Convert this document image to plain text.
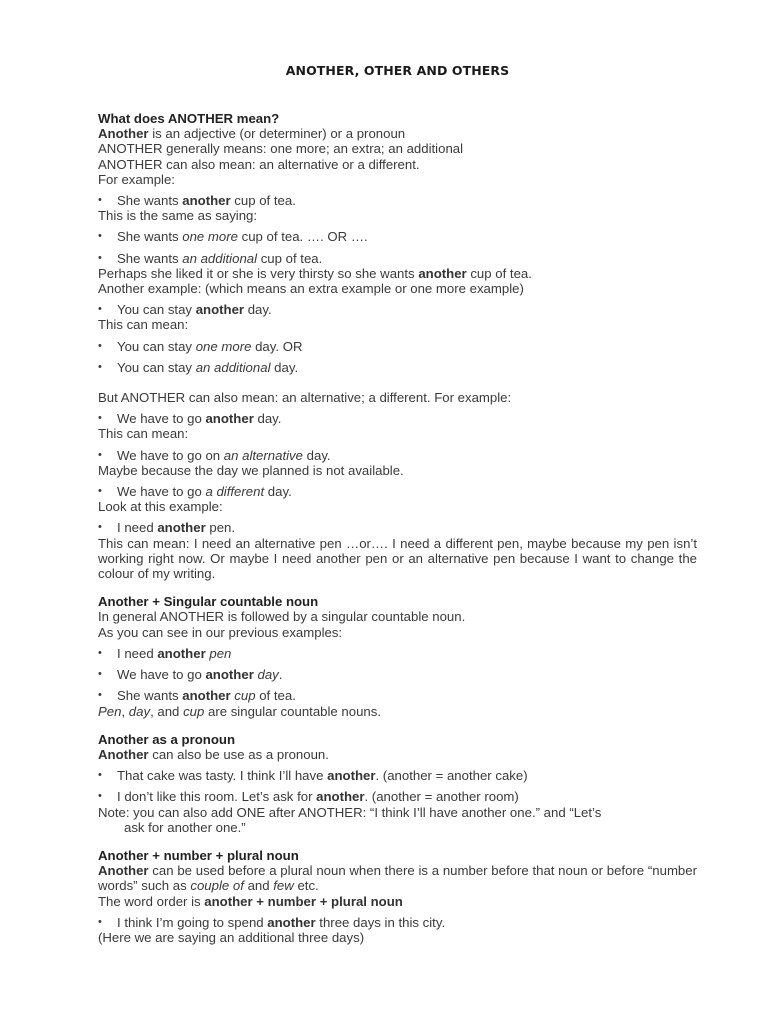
ANOTHER, OTHER AND OTHERS

What does ANOTHER mean?

Another is an adjective (or determiner) or a pronoun

ANOTHER generally means: one more; an extra; an additional

ANOTHER can also mean: an alternative or a different.

For example:

• She wants another cup of tea.

This is the same as saying:

• She wants one more cup of tea. …. OR ….

• She wants an additional cup of tea.

Perhaps she liked it or she is very thirsty so she wants another cup of tea.

Another example: (which means an extra example or one more example)

• You can stay another day.

This can mean:

• You can stay one more day. OR

• You can stay an additional day.

But ANOTHER can also mean: an alternative; a different. For example:

• We have to go another day.

This can mean:

• We have to go on an alternative day.

Maybe because the day we planned is not available.

• We have to go a different day.

Look at this example:

• I need another pen.

This can mean: I need an alternative pen …or…. I need a different pen, maybe because my pen isn’t working right now. Or maybe I need another pen or an alternative pen because I want to change the colour of my writing.

Another + Singular countable noun

In general ANOTHER is followed by a singular countable noun.

As you can see in our previous examples:

• I need another pen

• We have to go another day.

• She wants another cup of tea.

Pen, day, and cup are singular countable nouns.

Another as a pronoun

Another can also be use as a pronoun.

• That cake was tasty. I think I’ll have another. (another = another cake)

• I don’t like this room. Let’s ask for another. (another = another room)

Note: you can also add ONE after ANOTHER: “I think I’ll have another one.” and “Let’s

ask for another one.”

Another + number + plural noun

Another can be used before a plural noun when there is a number before that noun or before “number words” such as couple of and few etc.

The word order is another + number + plural noun

• I think I’m going to spend another three days in this city.

(Here we are saying an additional three days)
